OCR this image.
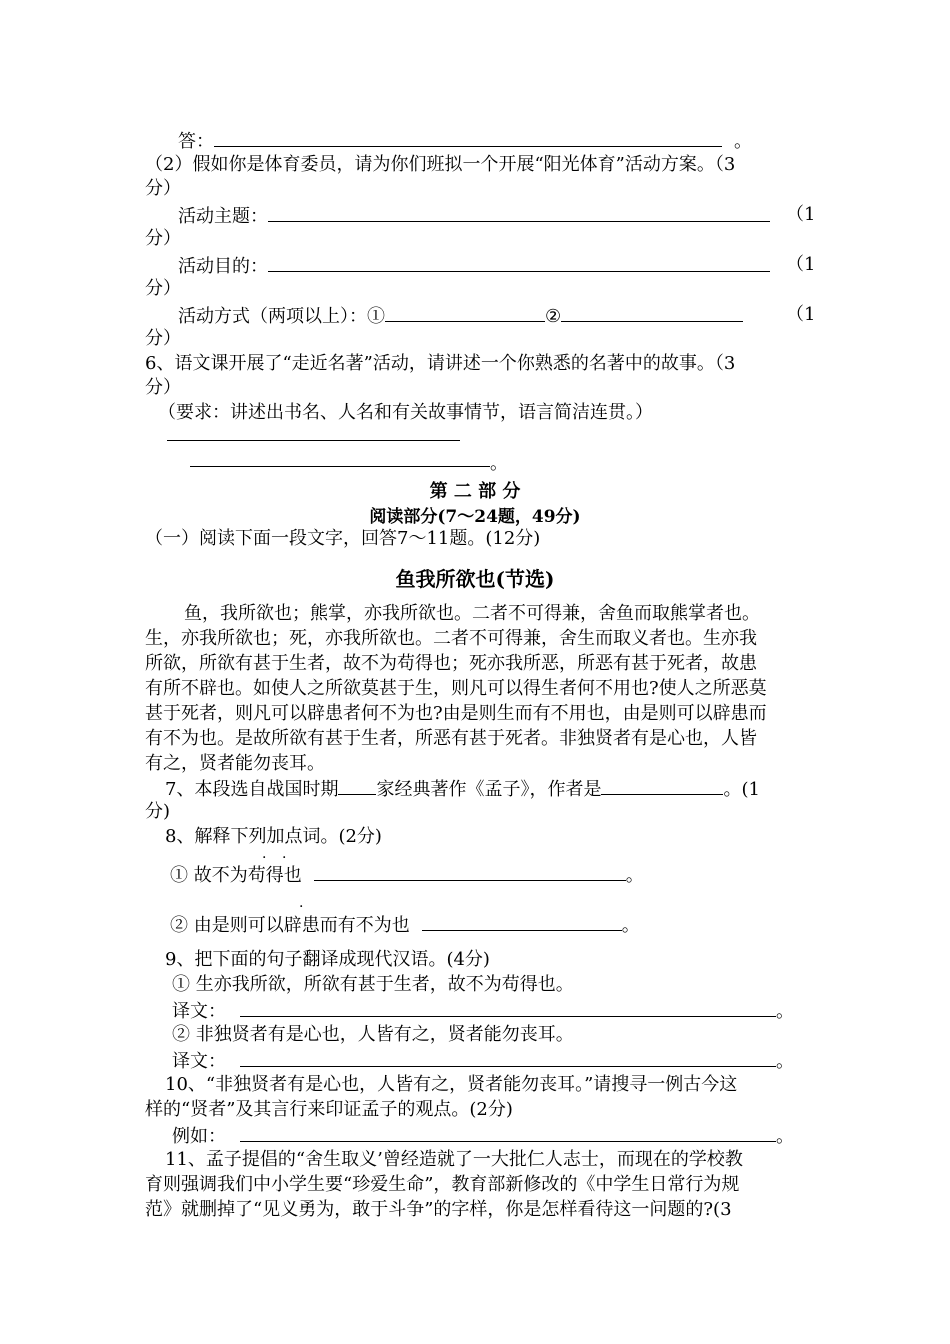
答：	。
（2）假如你是体育委员，请为你们班拟一个开展“阳光体育”活动方案。（3
分）
活动主题：	（1
分）
活动目的：	（1
分）
活动方式（两项以上）：①	②	（1
分）
6、语文课开展了“走近名著”活动，请讲述一个你熟悉的名著中的故事。（3
分）
（要求：讲述出书名、人名和有关故事情节，语言简洁连贯。）
。
第 二 部 分
阅读部分(7～24题，49分)
（一）阅读下面一段文字，回答7～11题。(12分)
鱼我所欲也(节选)
鱼，我所欲也；熊掌，亦我所欲也。二者不可得兼，舍鱼而取熊掌者也。
生，亦我所欲也；死，亦我所欲也。二者不可得兼，舍生而取义者也。生亦我
所欲，所欲有甚于生者，故不为苟得也；死亦我所恶，所恶有甚于死者，故患
有所不辟也。如使人之所欲莫甚于生，则凡可以得生者何不用也?使人之所恶莫
甚于死者，则凡可以辟患者何不为也?由是则生而有不用也，由是则可以辟患而
有不为也。是故所欲有甚于生者，所恶有甚于死者。非独贤者有是心也，人皆
有之，贤者能勿丧耳。
7、本段选自战国时期 家经典著作《孟子》，作者是	。(1
分)
8、解释下列加点词。(2分)
· ·
① 故不为苟得也	。
·
② 由是则可以辟患而有不为也	。
9、把下面的句子翻译成现代汉语。(4分)
① 生亦我所欲，所欲有甚于生者，故不为苟得也。
译文：	。
② 非独贤者有是心也，人皆有之，贤者能勿丧耳。
译文：	。
10、“非独贤者有是心也，人皆有之，贤者能勿丧耳。”请搜寻一例古今这
样的“贤者”及其言行来印证孟子的观点。(2分)
例如：	。
11、孟子提倡的“舍生取义’曾经造就了一大批仁人志士，而现在的学校教
育则强调我们中小学生要“珍爱生命”，教育部新修改的《中学生日常行为规
范》就删掉了“见义勇为，敢于斗争”的字样，你是怎样看待这一问题的?(3
